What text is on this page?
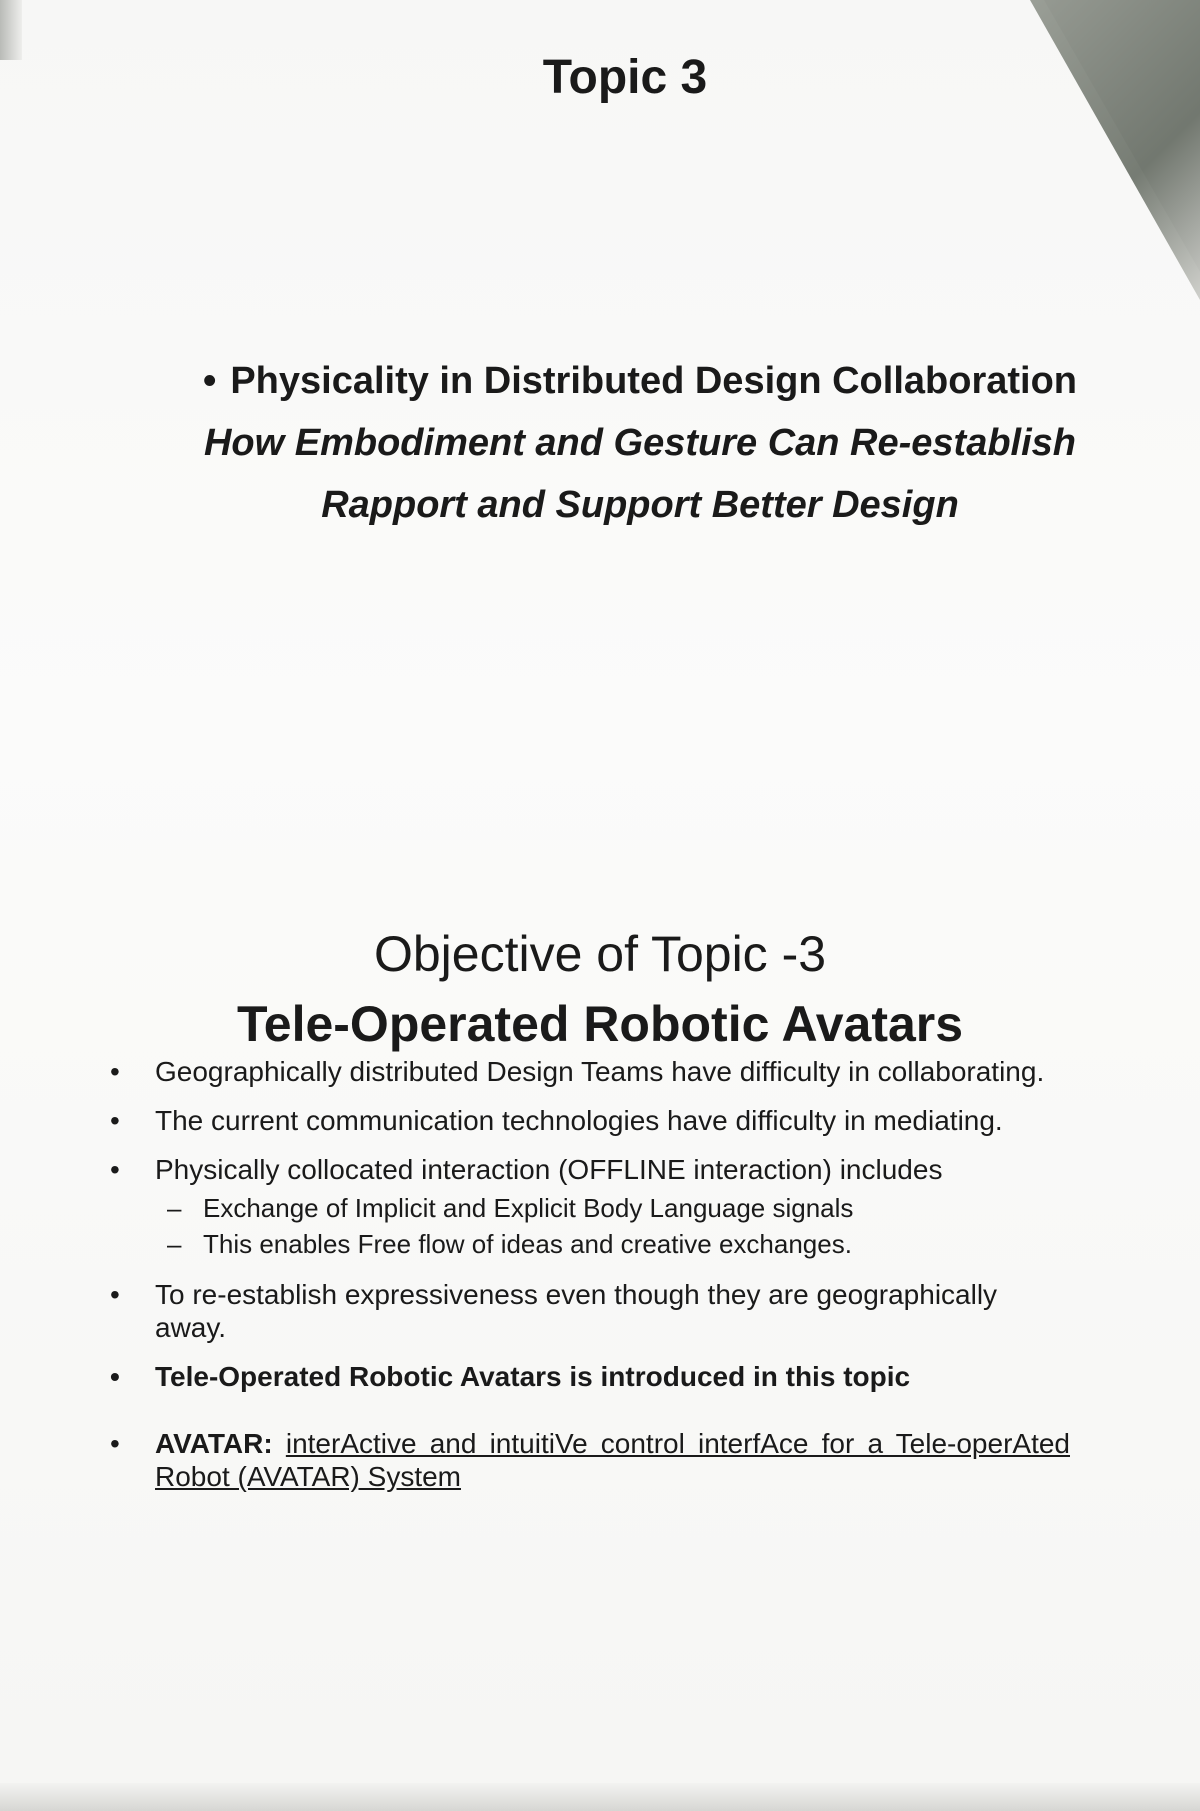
Topic 3

• Physicality in Distributed Design Collaboration How Embodiment and Gesture Can Re-establish Rapport and Support Better Design

Objective of Topic -3
Tele-Operated Robotic Avatars
• Geographically distributed Design Teams have difficulty in collaborating.
• The current communication technologies have difficulty in mediating.
• Physically collocated interaction (OFFLINE interaction) includes
– Exchange of Implicit and Explicit Body Language signals
– This enables Free flow of ideas and creative exchanges.
• To re-establish expressiveness even though they are geographically away.
• Tele-Operated Robotic Avatars is introduced in this topic
• AVATAR: interActive and intuitiVe control interfAce for a Tele-operAted Robot (AVATAR) System
